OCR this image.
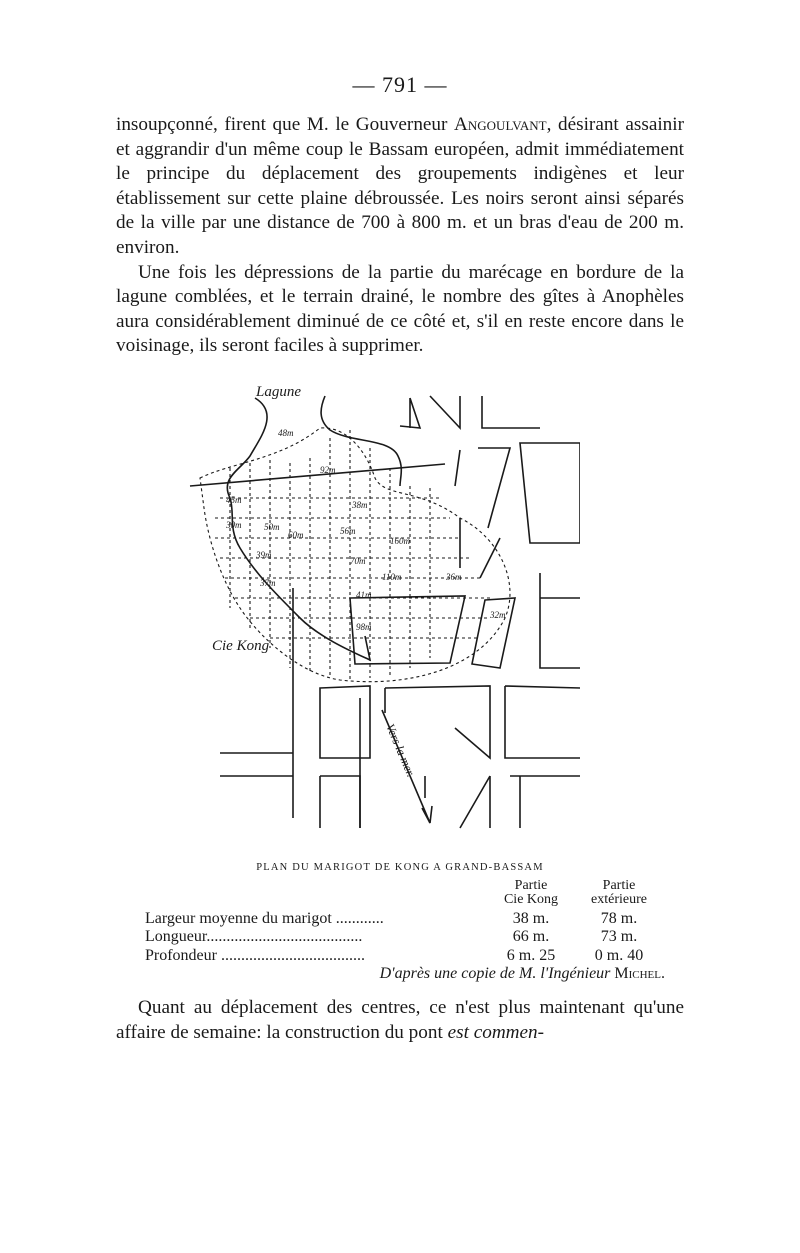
— 791 —

insoupçonné, firent que M. le Gouverneur Angoulvant, désirant assainir et aggrandir d'un même coup le Bassam européen, admit immédiatement le principe du déplacement des groupements indigènes et leur établissement sur cette plaine débroussée. Les noirs seront ainsi séparés de la ville par une distance de 700 à 800 m. et un bras d'eau de 200 m. environ.

Une fois les dépressions de la partie du marécage en bordure de la lagune comblées, et le terrain drainé, le nombre des gîtes à Anophèles aura considérablement diminué de ce côté et, s'il en reste encore dans le voisinage, ils seront faciles à supprimer.

48m
92m
45m	38m
50m	56m
60m
39m
37m
70m
41m
98m
30m
110m
160m
36m
32m
Lagune
Cie Kong
Vers la mer.
PLAN DU MARIGOT DE KONG A GRAND-BASSAM
Partie	Partie
Cie Kong	extérieure
Largeur moyenne du marigot ............	38 m.	78 m.
Longueur.......................................	66 m.	73 m.
Profondeur ....................................	6 m. 25	0 m. 40
D'après une copie de M. l'Ingénieur Michel.

Quant au déplacement des centres, ce n'est plus maintenant qu'une affaire de semaine: la construction du pont est commen-
